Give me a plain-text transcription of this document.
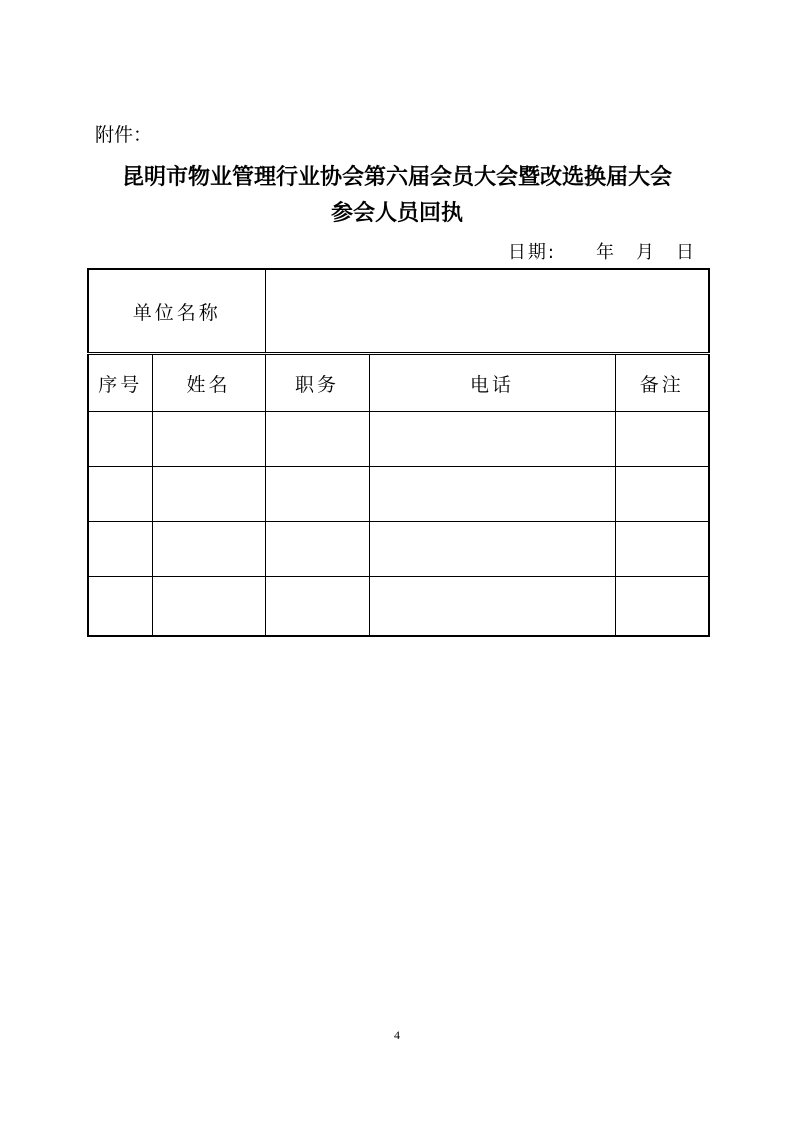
附件：
昆明市物业管理行业协会第六届会员大会暨改选换届大会
参会人员回执
日期: 年 月 日
单位名称				
序号	姓名	职务	电话	备注

4
